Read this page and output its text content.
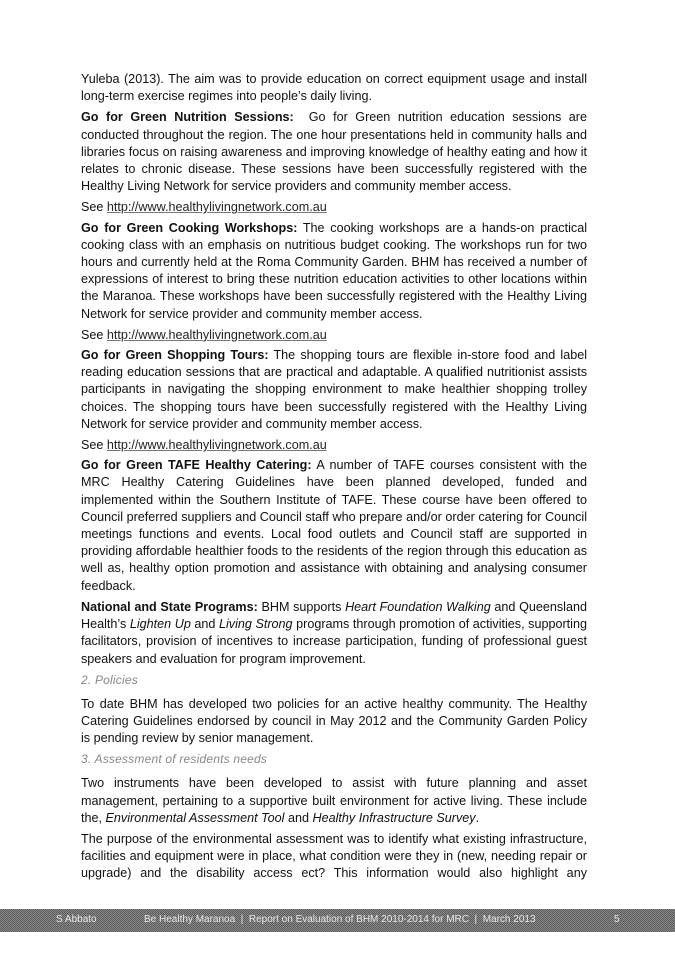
Yuleba (2013). The aim was to provide education on correct equipment usage and install long-term exercise regimes into people’s daily living.

Go for Green Nutrition Sessions:  Go for Green nutrition education sessions are conducted throughout the region. The one hour presentations held in community halls and libraries focus on raising awareness and improving knowledge of healthy eating and how it relates to chronic disease. These sessions have been successfully registered with the Healthy Living Network for service providers and community member access.

See http://www.healthylivingnetwork.com.au

Go for Green Cooking Workshops: The cooking workshops are a hands-on practical cooking class with an emphasis on nutritious budget cooking. The workshops run for two hours and currently held at the Roma Community Garden. BHM has received a number of expressions of interest to bring these nutrition education activities to other locations within the Maranoa. These workshops have been successfully registered with the Healthy Living Network for service provider and community member access.

See http://www.healthylivingnetwork.com.au

Go for Green Shopping Tours: The shopping tours are flexible in-store food and label reading education sessions that are practical and adaptable. A qualified nutritionist assists participants in navigating the shopping environment to make healthier shopping trolley choices. The shopping tours have been successfully registered with the Healthy Living Network for service provider and community member access.

See http://www.healthylivingnetwork.com.au

Go for Green TAFE Healthy Catering: A number of TAFE courses consistent with the MRC Healthy Catering Guidelines have been planned developed, funded and implemented within the Southern Institute of TAFE. These course have been offered to Council preferred suppliers and Council staff who prepare and/or order catering for Council meetings functions and events. Local food outlets and Council staff are supported in providing affordable healthier foods to the residents of the region through this education as well as, healthy option promotion and assistance with obtaining and analysing consumer feedback.

National and State Programs: BHM supports Heart Foundation Walking and Queensland Health’s Lighten Up and Living Strong programs through promotion of activities, supporting facilitators, provision of incentives to increase participation, funding of professional guest speakers and evaluation for program improvement.

2. Policies

To date BHM has developed two policies for an active healthy community. The Healthy Catering Guidelines endorsed by council in May 2012 and the Community Garden Policy is pending review by senior management.

3. Assessment of residents needs

Two instruments have been developed to assist with future planning and asset management, pertaining to a supportive built environment for active living. These include the, Environmental Assessment Tool and Healthy Infrastructure Survey.

The purpose of the environmental assessment was to identify what existing infrastructure, facilities and equipment were in place, what condition were they in (new, needing repair or upgrade) and the disability access ect? This information would also highlight any

S Abbato	Be Healthy Maranoa  |  Report on Evaluation of BHM 2010-2014 for MRC  |  March 2013	5
